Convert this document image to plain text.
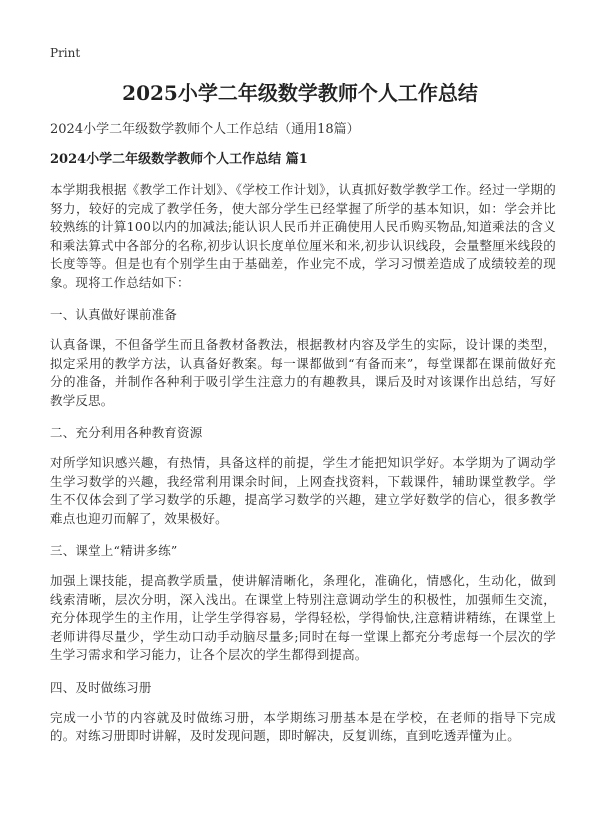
Print
2025小学二年级数学教师个人工作总结
2024小学二年级数学教师个人工作总结（通用18篇）
2024小学二年级数学教师个人工作总结 篇1

本学期我根据《教学工作计划》、《学校工作计划》，认真抓好数学教学工作。经过一学期的努力，较好的完成了教学任务，使大部分学生已经掌握了所学的基本知识，如：学会并比较熟练的计算100以内的加减法;能认识人民币并正确使用人民币购买物品,知道乘法的含义和乘法算式中各部分的名称,初步认识长度单位厘米和米,初步认识线段，会量整厘米线段的长度等等。但是也有个别学生由于基础差，作业完不成，学习习惯差造成了成绩较差的现象。现将工作总结如下：

一、认真做好课前准备

认真备课，不但备学生而且备教材备教法，根据教材内容及学生的实际，设计课的类型，拟定采用的教学方法，认真备好教案。每一课都做到“有备而来”，每堂课都在课前做好充分的准备，并制作各种利于吸引学生注意力的有趣教具，课后及时对该课作出总结，写好教学反思。

二、充分利用各种教育资源

对所学知识感兴趣，有热情，具备这样的前提，学生才能把知识学好。本学期为了调动学生学习数学的兴趣，我经常利用课余时间，上网查找资料，下载课件，辅助课堂教学。学生不仅体会到了学习数学的乐趣，提高学习数学的兴趣，建立学好数学的信心，很多教学难点也迎刃而解了，效果极好。

三、课堂上“精讲多练”

加强上课技能，提高教学质量，使讲解清晰化，条理化，准确化，情感化，生动化，做到线索清晰，层次分明，深入浅出。在课堂上特别注意调动学生的积极性，加强师生交流，充分体现学生的主作用，让学生学得容易，学得轻松，学得愉快,注意精讲精练，在课堂上老师讲得尽量少，学生动口动手动脑尽量多;同时在每一堂课上都充分考虑每一个层次的学生学习需求和学习能力，让各个层次的学生都得到提高。

四、及时做练习册

完成一小节的内容就及时做练习册，本学期练习册基本是在学校，在老师的指导下完成的。对练习册即时讲解，及时发现问题，即时解决，反复训练，直到吃透弄懂为止。
